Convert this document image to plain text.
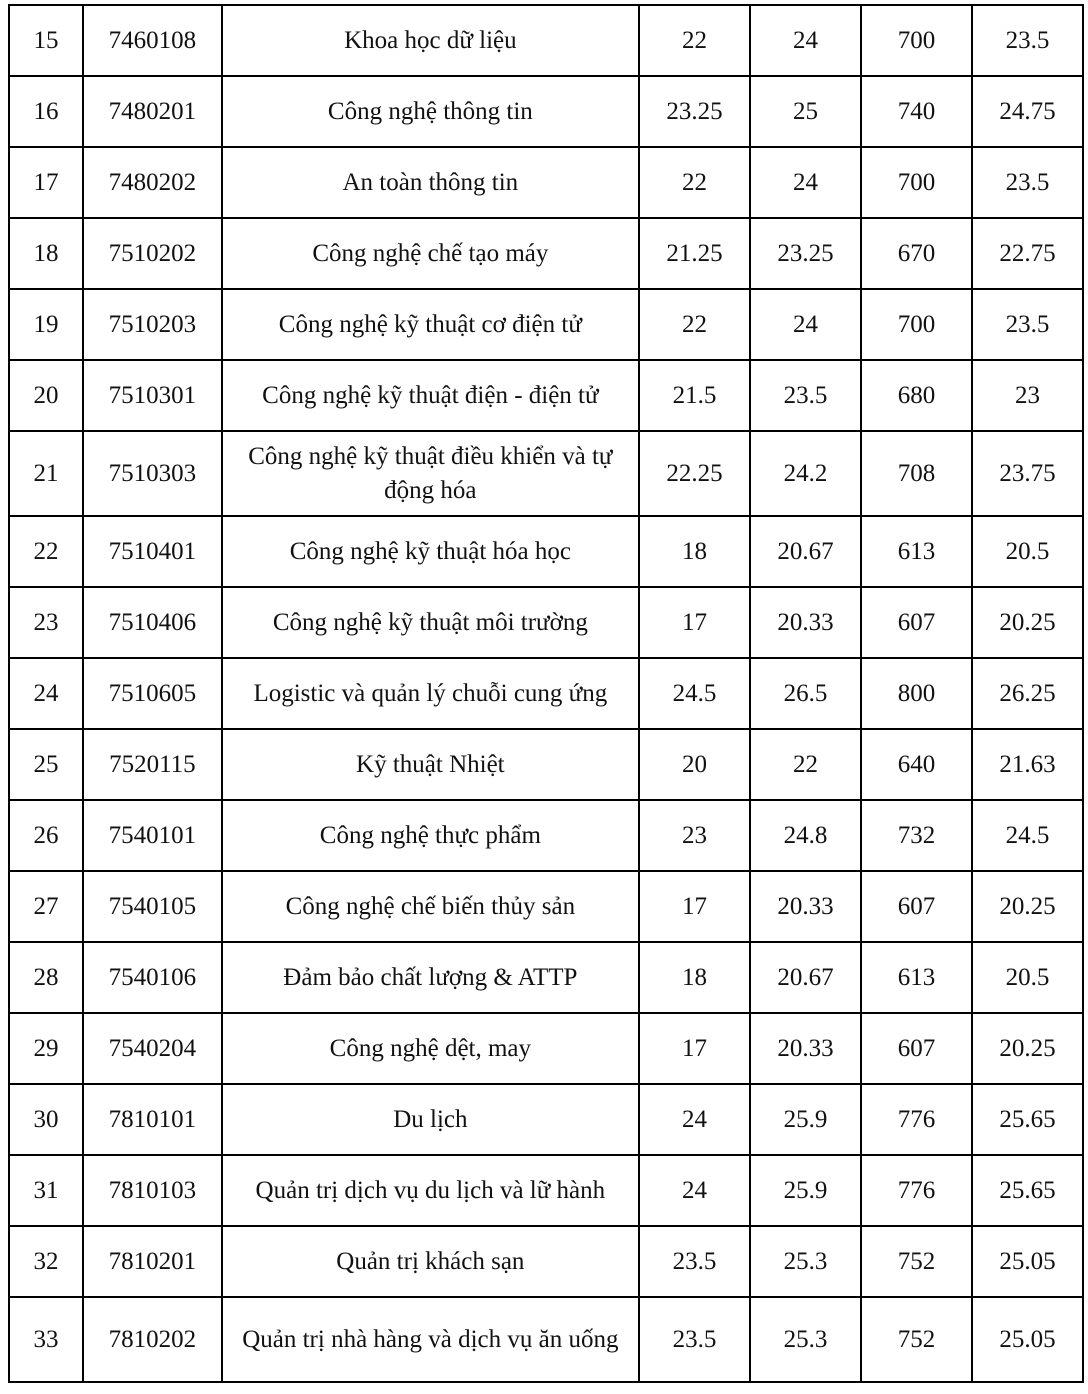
15	7460108	Khoa học dữ liệu	22	24	700	23.5
16	7480201	Công nghệ thông tin	23.25	25	740	24.75
17	7480202	An toàn thông tin	22	24	700	23.5
18	7510202	Công nghệ chế tạo máy	21.25	23.25	670	22.75
19	7510203	Công nghệ kỹ thuật cơ điện tử	22	24	700	23.5
20	7510301	Công nghệ kỹ thuật điện - điện tử	21.5	23.5	680	23
21	7510303	Công nghệ kỹ thuật điều khiển và tự động hóa	22.25	24.2	708	23.75
22	7510401	Công nghệ kỹ thuật hóa học	18	20.67	613	20.5
23	7510406	Công nghệ kỹ thuật môi trường	17	20.33	607	20.25
24	7510605	Logistic và quản lý chuỗi cung ứng	24.5	26.5	800	26.25
25	7520115	Kỹ thuật Nhiệt	20	22	640	21.63
26	7540101	Công nghệ thực phẩm	23	24.8	732	24.5
27	7540105	Công nghệ chế biến thủy sản	17	20.33	607	20.25
28	7540106	Đảm bảo chất lượng & ATTP	18	20.67	613	20.5
29	7540204	Công nghệ dệt, may	17	20.33	607	20.25
30	7810101	Du lịch	24	25.9	776	25.65
31	7810103	Quản trị dịch vụ du lịch và lữ hành	24	25.9	776	25.65
32	7810201	Quản trị khách sạn	23.5	25.3	752	25.05
33	7810202	Quản trị nhà hàng và dịch vụ ăn uống	23.5	25.3	752	25.05
